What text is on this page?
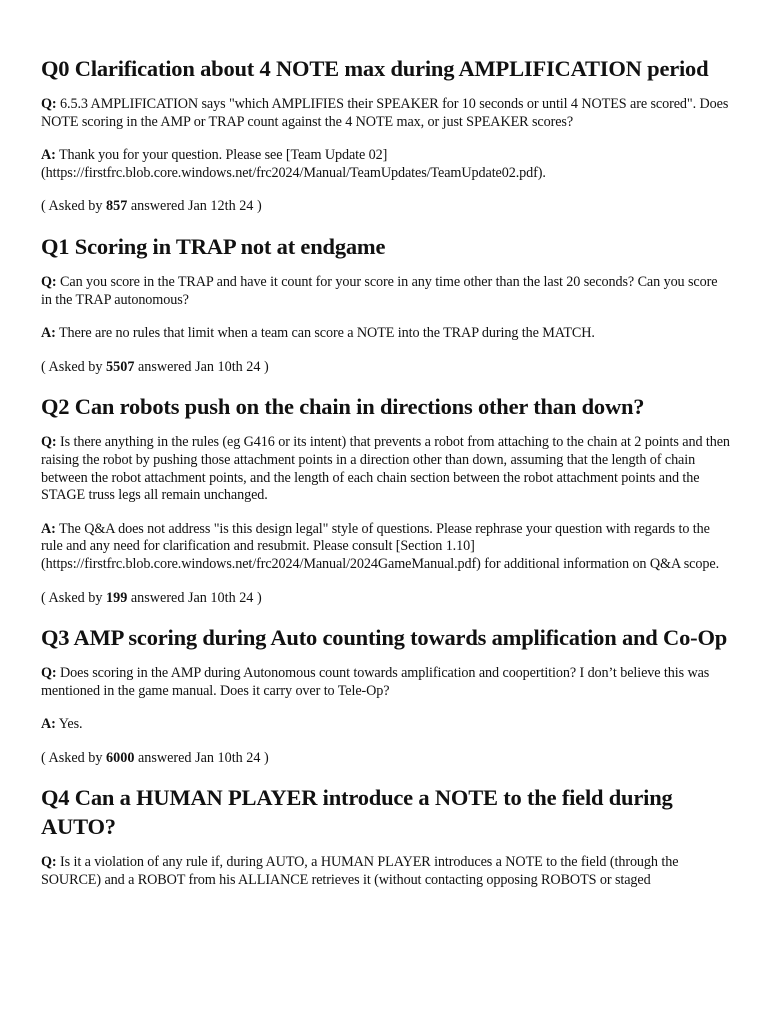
Q0 Clarification about 4 NOTE max during AMPLIFICATION period

Q: 6.5.3 AMPLIFICATION says "which AMPLIFIES their SPEAKER for 10 seconds or until 4 NOTES are scored". Does NOTE scoring in the AMP or TRAP count against the 4 NOTE max, or just SPEAKER scores?

A: Thank you for your question. Please see [Team Update 02] (https://firstfrc.blob.core.windows.net/frc2024/Manual/TeamUpdates/TeamUpdate02.pdf).

( Asked by 857 answered Jan 12th 24 )

Q1 Scoring in TRAP not at endgame

Q: Can you score in the TRAP and have it count for your score in any time other than the last 20 seconds? Can you score in the TRAP autonomous?

A: There are no rules that limit when a team can score a NOTE into the TRAP during the MATCH.

( Asked by 5507 answered Jan 10th 24 )

Q2 Can robots push on the chain in directions other than down?

Q: Is there anything in the rules (eg G416 or its intent) that prevents a robot from attaching to the chain at 2 points and then raising the robot by pushing those attachment points in a direction other than down, assuming that the length of chain between the robot attachment points, and the length of each chain section between the robot attachment points and the STAGE truss legs all remain unchanged.

A: The Q&A does not address "is this design legal" style of questions. Please rephrase your question with regards to the rule and any need for clarification and resubmit. Please consult [Section 1.10] (https://firstfrc.blob.core.windows.net/frc2024/Manual/2024GameManual.pdf) for additional information on Q&A scope.

( Asked by 199 answered Jan 10th 24 )

Q3 AMP scoring during Auto counting towards amplification and Co-Op

Q: Does scoring in the AMP during Autonomous count towards amplification and coopertition? I don’t believe this was mentioned in the game manual. Does it carry over to Tele-Op?

A: Yes.

( Asked by 6000 answered Jan 10th 24 )

Q4 Can a HUMAN PLAYER introduce a NOTE to the field during AUTO?

Q: Is it a violation of any rule if, during AUTO, a HUMAN PLAYER introduces a NOTE to the field (through the SOURCE) and a ROBOT from his ALLIANCE retrieves it (without contacting opposing ROBOTS or staged
